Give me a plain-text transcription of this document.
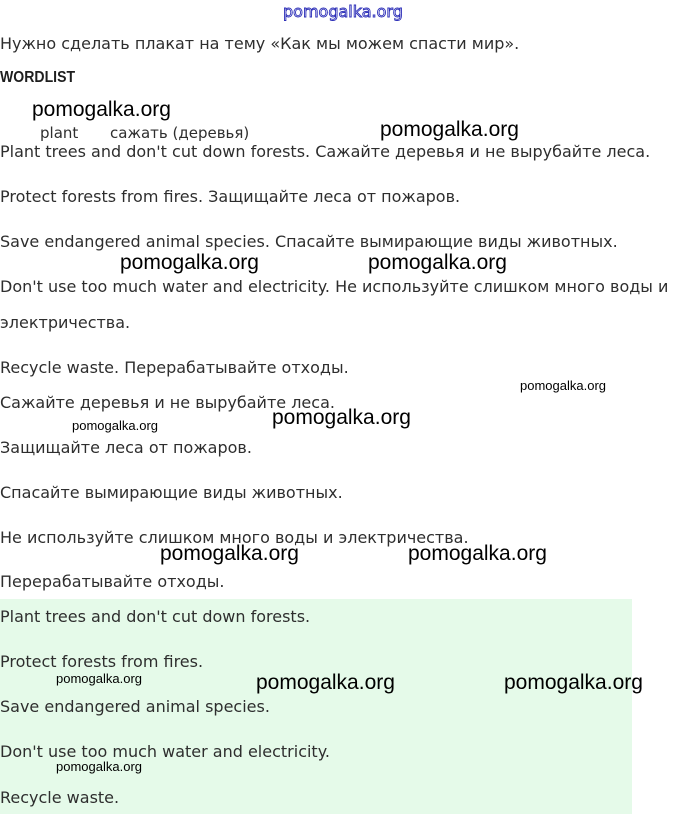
pomogalka.org
Нужно сделать плакат на тему «Как мы можем спасти мир».
WORDLIST
plant сажать (деревья)
Plant trees and don't cut down forests. Сажайте деревья и не вырубайте леса.
Protect forests from fires. Защищайте леса от пожаров.
Save endangered animal species. Спасайте вымирающие виды животных.
Don't use too much water and electricity. Не используйте слишком много воды и
электричества.
Recycle waste. Перерабатывайте отходы.
Сажайте деревья и не вырубайте леса.
Защищайте леса от пожаров.
Спасайте вымирающие виды животных.
Не используйте слишком много воды и электричества.
Перерабатывайте отходы.
Plant trees and don't cut down forests.
Protect forests from fires.
Save endangered animal species.
Don't use too much water and electricity.
Recycle waste.
pomogalka.org
pomogalka.org
pomogalka.org	pomogalka.org
pomogalka.org
pomogalka.org
pomogalka.org
pomogalka.org	pomogalka.org
pomogalka.org	pomogalka.org	pomogalka.org
pomogalka.org
